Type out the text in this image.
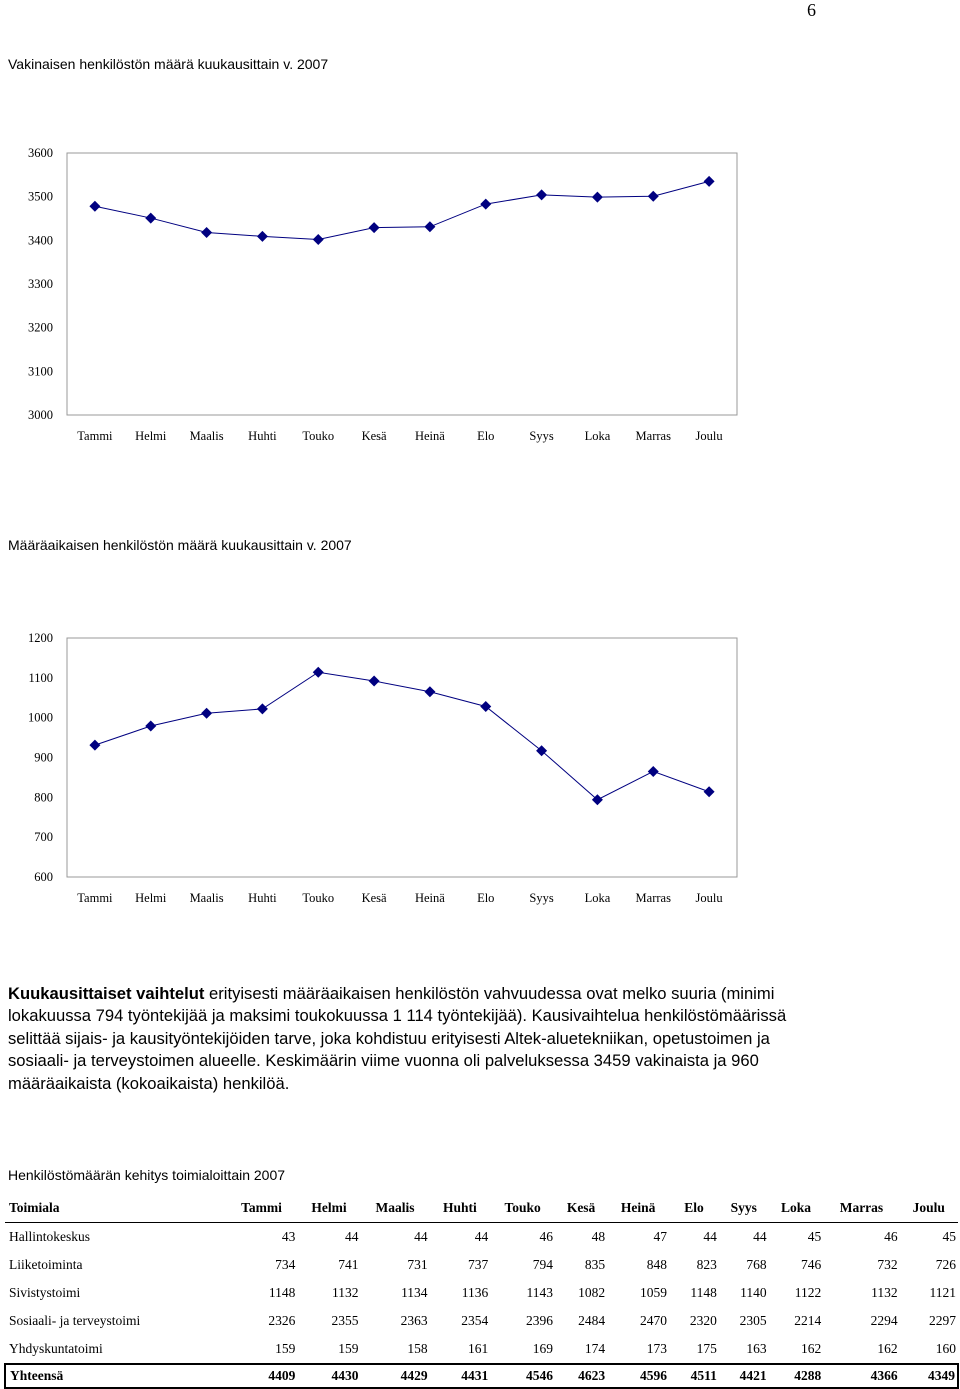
6
Vakinaisen henkilöstön määrä kuukausittain v. 2007
3000
3100
3200
3300
3400
3500
3600
Tammi Helmi Maalis Huhti Touko Kesä Heinä	Elo	Syys Loka Marras Joulu
Määräaikaisen henkilöstön määrä kuukausittain v. 2007
600
700
800
900
1000
1100
1200
Tammi Helmi Maalis Huhti Touko Kesä Heinä	Elo	Syys Loka Marras Joulu
Kuukausittaiset vaihtelut erityisesti määräaikaisen henkilöstön vahvuudessa ovat melko suuria (minimi lokakuussa 794 työntekijää ja maksimi toukokuussa 1 114 työntekijää). Kausivaihtelua henkilöstömäärissä selittää sijais- ja kausityöntekijöiden tarve, joka kohdistuu erityisesti Altek-aluetekniikan, opetustoimen ja sosiaali- ja terveystoimen alueelle. Keskimäärin viime vuonna oli palveluksessa 3459 vakinaista ja 960 määräaikaista (kokoaikaista) henkilöä.
Henkilöstömäärän kehitys toimialoittain 2007
Toimiala	Tammi	Helmi	Maalis	Huhti	Touko	Kesä	Heinä	Elo	Syys	Loka	Marras	Joulu
Hallintokeskus	43	44	44	44	46	48	47	44	44	45	46	45
Liiketoiminta	734	741	731	737	794	835	848	823	768	746	732	726
Sivistystoimi	1148	1132	1134	1136	1143	1082	1059	1148	1140	1122	1132	1121
Sosiaali- ja terveystoimi	2326	2355	2363	2354	2396	2484	2470	2320	2305	2214	2294	2297
Yhdyskuntatoimi	159	159	158	161	169	174	173	175	163	162	162	160
Yhteensä	4409	4430	4429	4431	4546	4623	4596	4511	4421	4288	4366	4349
